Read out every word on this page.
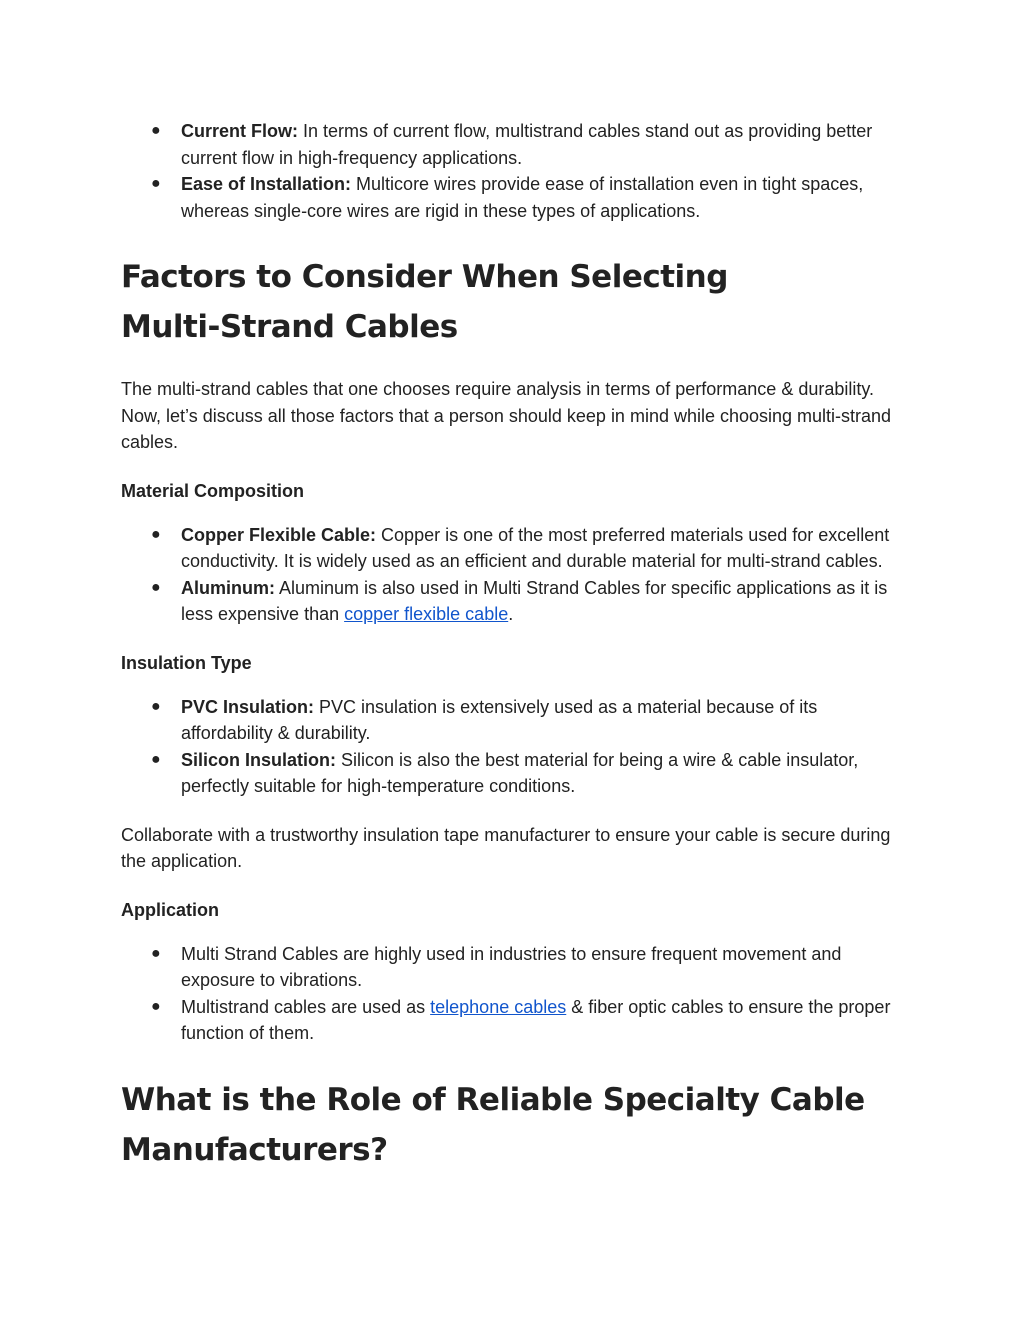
● Current Flow: In terms of current flow, multistrand cables stand out as providing better current flow in high-frequency applications.
● Ease of Installation: Multicore wires provide ease of installation even in tight spaces, whereas single-core wires are rigid in these types of applications.
Factors to Consider When Selecting
Multi-Strand Cables

The multi-strand cables that one chooses require analysis in terms of performance & durability. Now, let’s discuss all those factors that a person should keep in mind while choosing multi-strand cables.

Material Composition
● Copper Flexible Cable: Copper is one of the most preferred materials used for excellent conductivity. It is widely used as an efficient and durable material for multi-strand cables.
● Aluminum: Aluminum is also used in Multi Strand Cables for specific applications as it is less expensive than copper flexible cable.
Insulation Type
● PVC Insulation: PVC insulation is extensively used as a material because of its affordability & durability.
● Silicon Insulation: Silicon is also the best material for being a wire & cable insulator, perfectly suitable for high-temperature conditions.

Collaborate with a trustworthy insulation tape manufacturer to ensure your cable is secure during the application.

Application
● Multi Strand Cables are highly used in industries to ensure frequent movement and exposure to vibrations.
● Multistrand cables are used as telephone cables & fiber optic cables to ensure the proper function of them.
What is the Role of Reliable Specialty Cable
Manufacturers?
